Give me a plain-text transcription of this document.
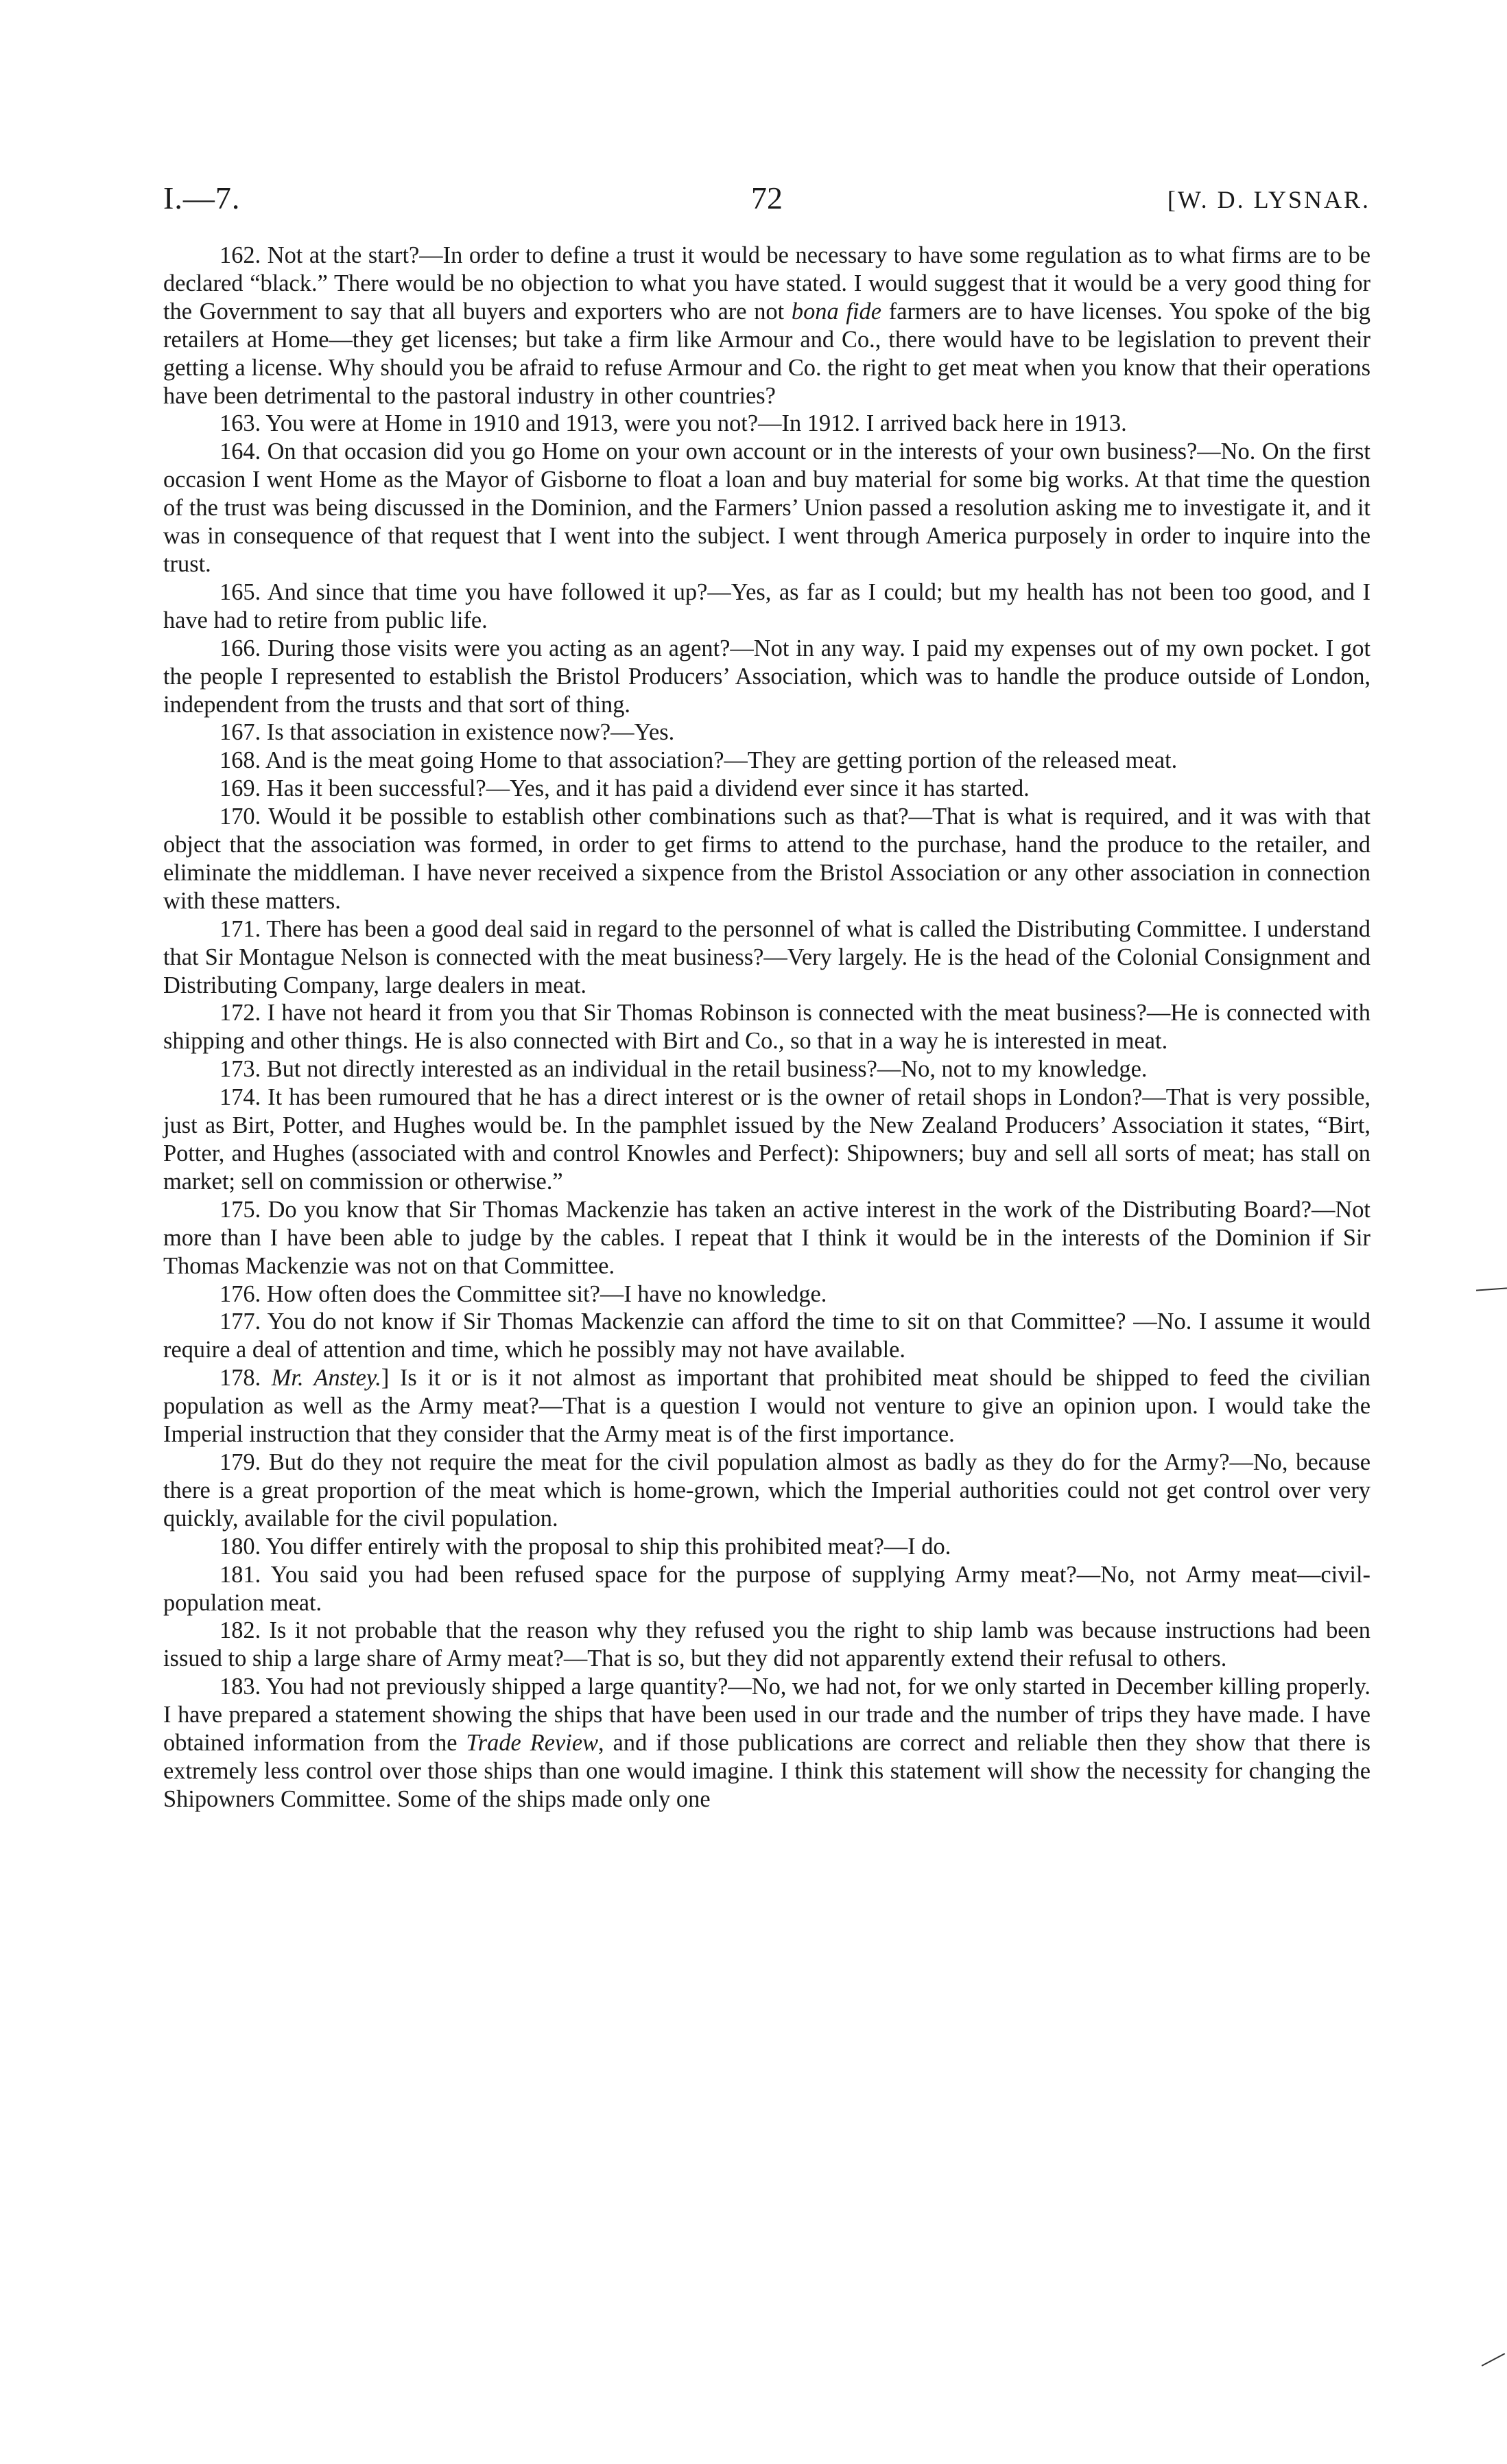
I.—7.	72	[W. D. LYSNAR.

162. Not at the start?—In order to define a trust it would be necessary to have some regulation as to what firms are to be declared “black.” There would be no objection to what you have stated. I would suggest that it would be a very good thing for the Government to say that all buyers and exporters who are not bona fide farmers are to have licenses. You spoke of the big retailers at Home—they get licenses; but take a firm like Armour and Co., there would have to be legislation to prevent their getting a license. Why should you be afraid to refuse Armour and Co. the right to get meat when you know that their operations have been detrimental to the pastoral industry in other countries?

163. You were at Home in 1910 and 1913, were you not?—In 1912. I arrived back here in 1913.

164. On that occasion did you go Home on your own account or in the interests of your own business?—No. On the first occasion I went Home as the Mayor of Gisborne to float a loan and buy material for some big works. At that time the question of the trust was being discussed in the Dominion, and the Farmers’ Union passed a resolution asking me to investigate it, and it was in consequence of that request that I went into the subject. I went through America purposely in order to inquire into the trust.

165. And since that time you have followed it up?—Yes, as far as I could; but my health has not been too good, and I have had to retire from public life.

166. During those visits were you acting as an agent?—Not in any way. I paid my expenses out of my own pocket. I got the people I represented to establish the Bristol Producers’ Association, which was to handle the produce outside of London, independent from the trusts and that sort of thing.

167. Is that association in existence now?—Yes.

168. And is the meat going Home to that association?—They are getting portion of the released meat.

169. Has it been successful?—Yes, and it has paid a dividend ever since it has started.

170. Would it be possible to establish other combinations such as that?—That is what is required, and it was with that object that the association was formed, in order to get firms to attend to the purchase, hand the produce to the retailer, and eliminate the middleman. I have never received a sixpence from the Bristol Association or any other association in connection with these matters.

171. There has been a good deal said in regard to the personnel of what is called the Distributing Committee. I understand that Sir Montague Nelson is connected with the meat business?—Very largely. He is the head of the Colonial Consignment and Distributing Company, large dealers in meat.

172. I have not heard it from you that Sir Thomas Robinson is connected with the meat business?—He is connected with shipping and other things. He is also connected with Birt and Co., so that in a way he is interested in meat.

173. But not directly interested as an individual in the retail business?—No, not to my knowledge.

174. It has been rumoured that he has a direct interest or is the owner of retail shops in London?—That is very possible, just as Birt, Potter, and Hughes would be. In the pamphlet issued by the New Zealand Producers’ Association it states, “Birt, Potter, and Hughes (associated with and control Knowles and Perfect): Shipowners; buy and sell all sorts of meat; has stall on market; sell on commission or otherwise.”

175. Do you know that Sir Thomas Mackenzie has taken an active interest in the work of the Distributing Board?—Not more than I have been able to judge by the cables. I repeat that I think it would be in the interests of the Dominion if Sir Thomas Mackenzie was not on that Committee.

176. How often does the Committee sit?—I have no knowledge.

177. You do not know if Sir Thomas Mackenzie can afford the time to sit on that Committee? —No. I assume it would require a deal of attention and time, which he possibly may not have available.

178. Mr. Anstey.] Is it or is it not almost as important that prohibited meat should be shipped to feed the civilian population as well as the Army meat?—That is a question I would not venture to give an opinion upon. I would take the Imperial instruction that they consider that the Army meat is of the first importance.

179. But do they not require the meat for the civil population almost as badly as they do for the Army?—No, because there is a great proportion of the meat which is home-grown, which the Imperial authorities could not get control over very quickly, available for the civil population.

180. You differ entirely with the proposal to ship this prohibited meat?—I do.

181. You said you had been refused space for the purpose of supplying Army meat?—No, not Army meat—civil-population meat.

182. Is it not probable that the reason why they refused you the right to ship lamb was because instructions had been issued to ship a large share of Army meat?—That is so, but they did not apparently extend their refusal to others.

183. You had not previously shipped a large quantity?—No, we had not, for we only started in December killing properly. I have prepared a statement showing the ships that have been used in our trade and the number of trips they have made. I have obtained information from the Trade Review, and if those publications are correct and reliable then they show that there is extremely less control over those ships than one would imagine. I think this statement will show the necessity for changing the Shipowners Committee. Some of the ships made only one
